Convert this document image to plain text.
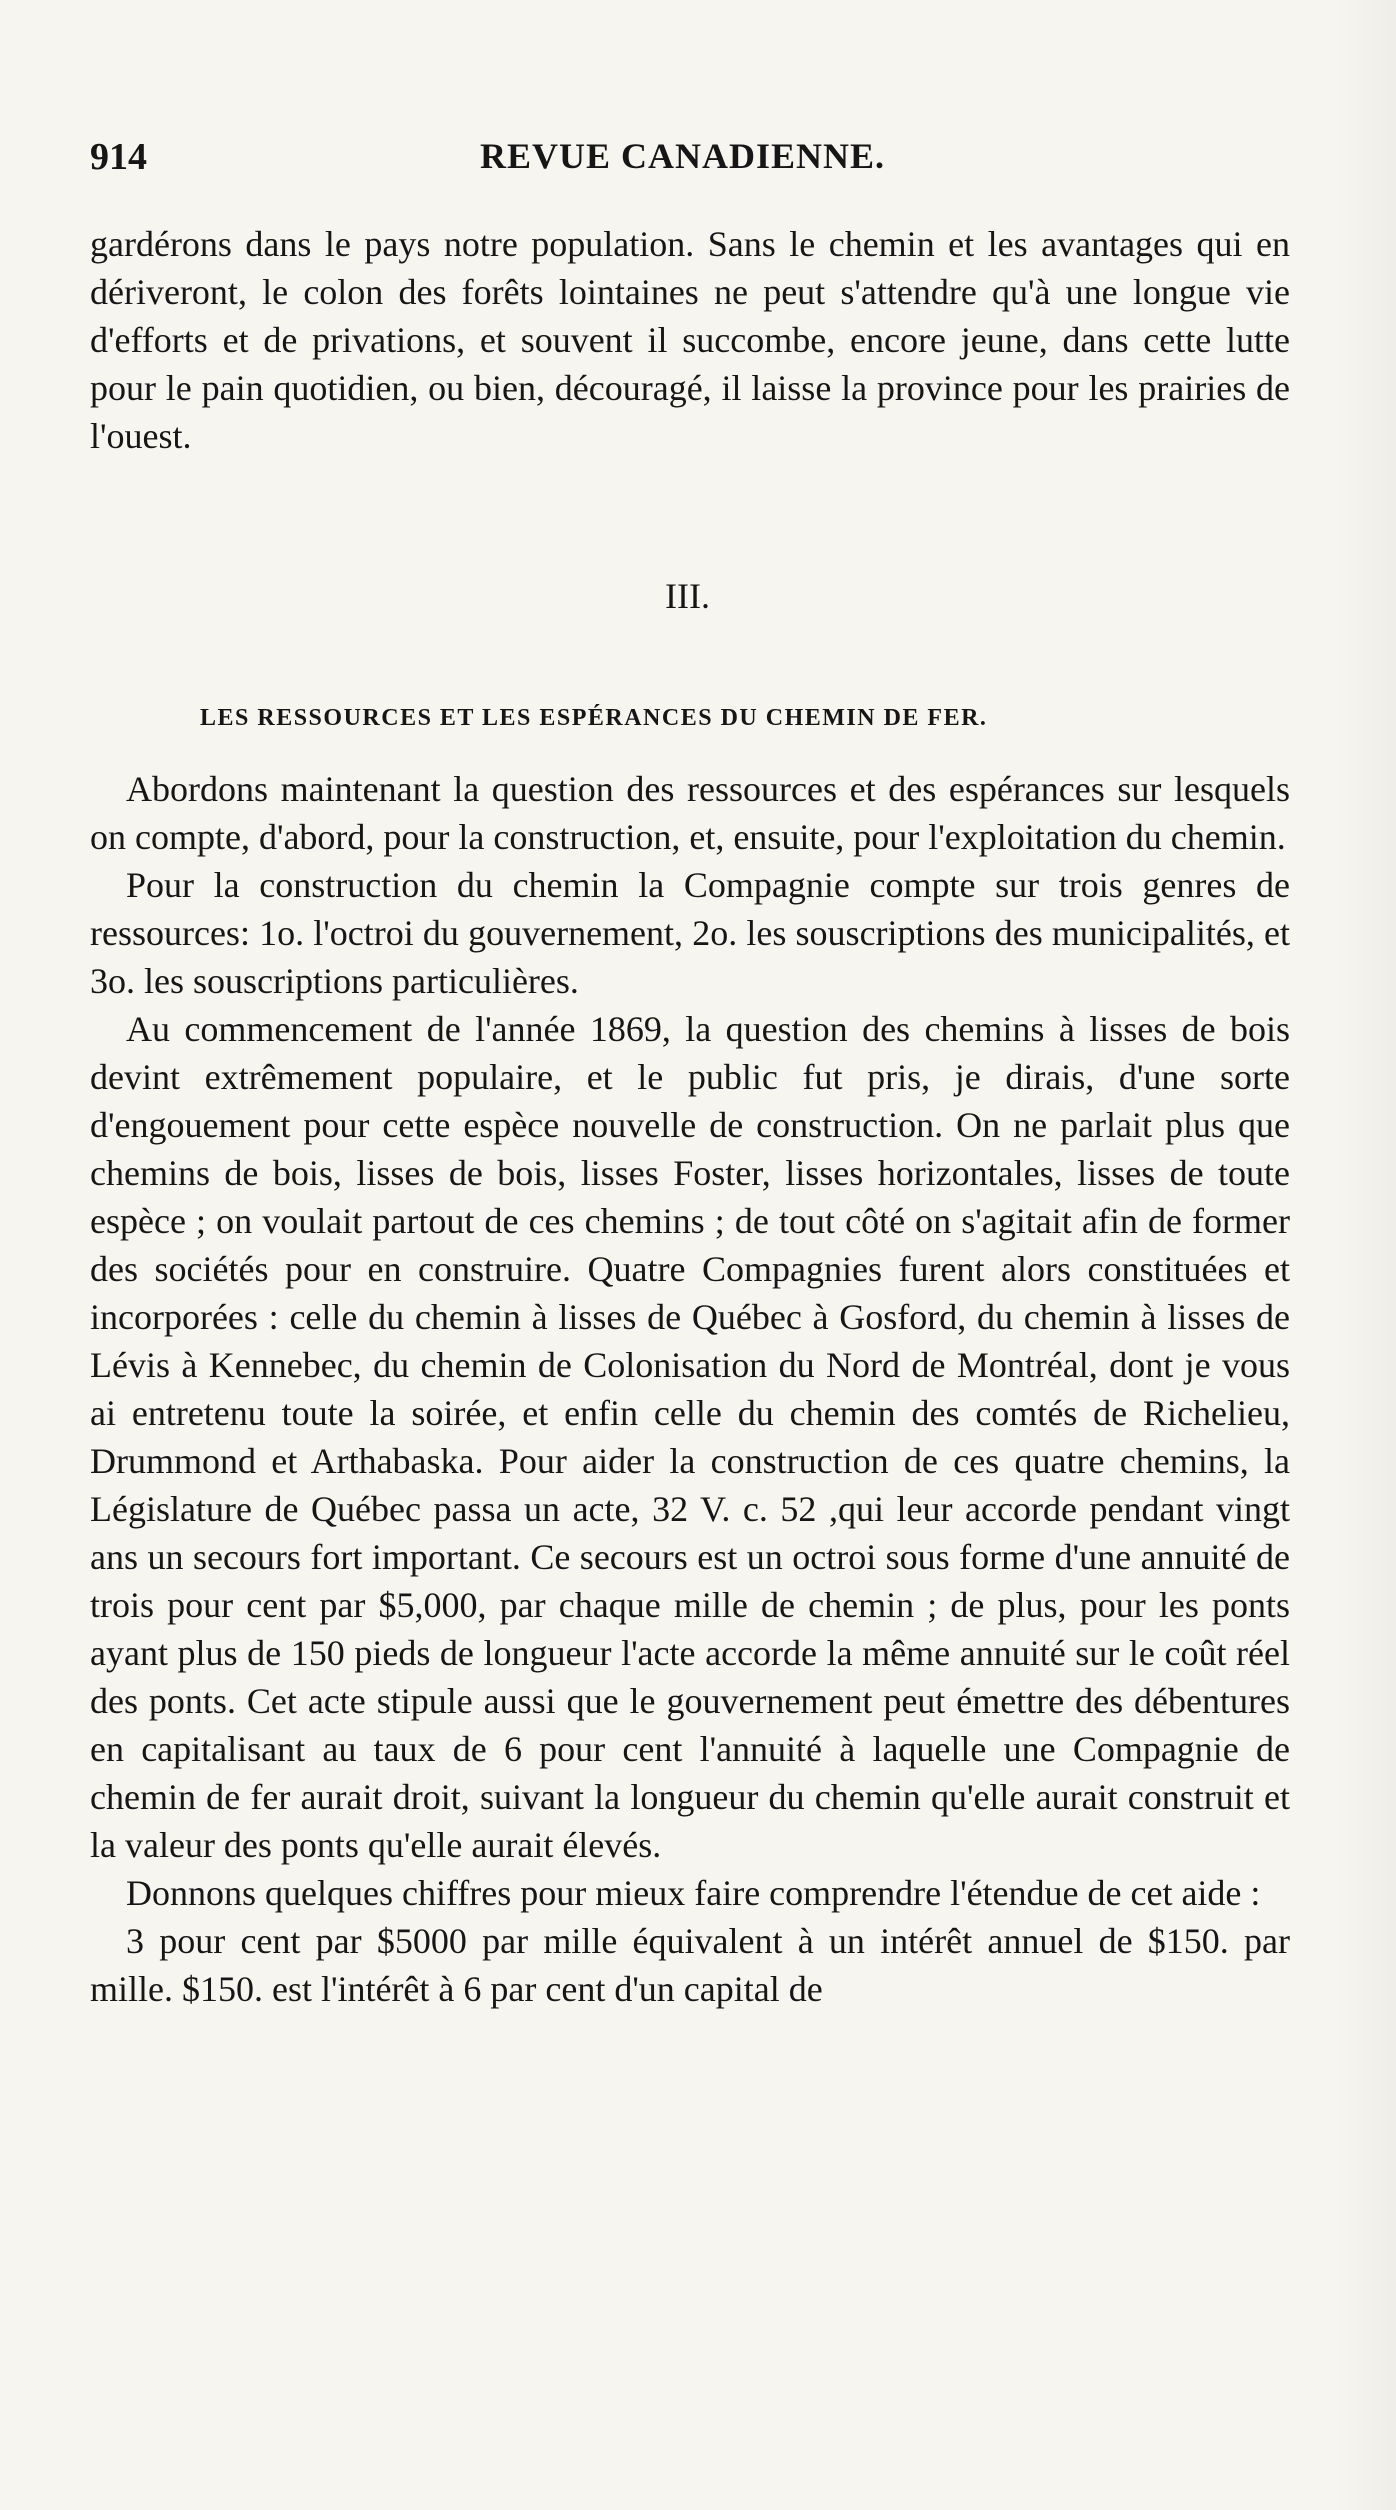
914	REVUE CANADIENNE.

gardérons dans le pays notre population. Sans le chemin et les avantages qui en dériveront, le colon des forêts lointaines ne peut s'attendre qu'à une longue vie d'efforts et de privations, et souvent il succombe, encore jeune, dans cette lutte pour le pain quotidien, ou bien, découragé, il laisse la province pour les prairies de l'ouest.

III.
LES RESSOURCES ET LES ESPÉRANCES DU CHEMIN DE FER.

Abordons maintenant la question des ressources et des espérances sur lesquels on compte, d'abord, pour la construction, et, ensuite, pour l'exploitation du chemin.

Pour la construction du chemin la Compagnie compte sur trois genres de ressources: 1o. l'octroi du gouvernement, 2o. les souscriptions des municipalités, et 3o. les souscriptions particulières.

Au commencement de l'année 1869, la question des chemins à lisses de bois devint extrêmement populaire, et le public fut pris, je dirais, d'une sorte d'engouement pour cette espèce nouvelle de construction. On ne parlait plus que chemins de bois, lisses de bois, lisses Foster, lisses horizontales, lisses de toute espèce ; on voulait partout de ces chemins ; de tout côté on s'agitait afin de former des sociétés pour en construire. Quatre Compagnies furent alors constituées et incorporées : celle du chemin à lisses de Québec à Gosford, du chemin à lisses de Lévis à Kennebec, du chemin de Colonisation du Nord de Montréal, dont je vous ai entretenu toute la soirée, et enfin celle du chemin des comtés de Richelieu, Drummond et Arthabaska. Pour aider la construction de ces quatre chemins, la Législature de Québec passa un acte, 32 V. c. 52 ,qui leur accorde pendant vingt ans un secours fort important. Ce secours est un octroi sous forme d'une annuité de trois pour cent par $5,000, par chaque mille de chemin ; de plus, pour les ponts ayant plus de 150 pieds de longueur l'acte accorde la même annuité sur le coût réel des ponts. Cet acte stipule aussi que le gouvernement peut émettre des débentures en capitalisant au taux de 6 pour cent l'annuité à laquelle une Compagnie de chemin de fer aurait droit, suivant la longueur du chemin qu'elle aurait construit et la valeur des ponts qu'elle aurait élevés.

Donnons quelques chiffres pour mieux faire comprendre l'étendue de cet aide :

3 pour cent par $5000 par mille équivalent à un intérêt annuel de $150. par mille. $150. est l'intérêt à 6 par cent d'un capital de
